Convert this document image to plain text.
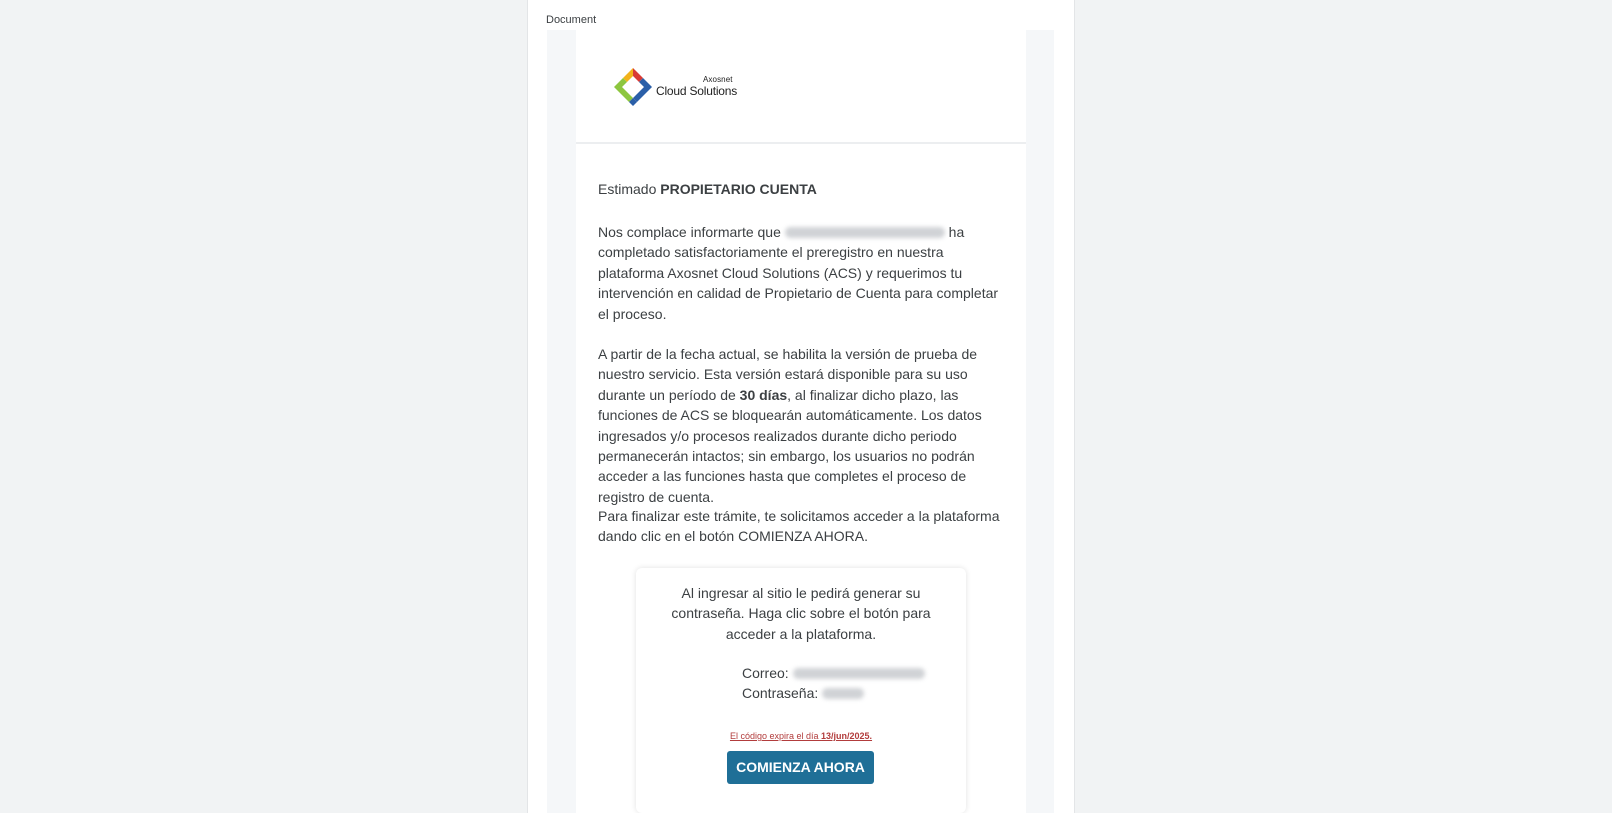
Document
Axosnet
Cloud Solutions
Estimado PROPIETARIO CUENTA
Nos complace informarte que	ha completado satisfactoriamente el preregistro en nuestra plataforma Axosnet Cloud Solutions (ACS) y requerimos tu intervención en calidad de Propietario de Cuenta para completar el proceso.
A partir de la fecha actual, se habilita la versión de prueba de nuestro servicio. Esta versión estará disponible para su uso durante un período de 30 días, al finalizar dicho plazo, las funciones de ACS se bloquearán automáticamente. Los datos ingresados y/o procesos realizados durante dicho periodo permanecerán intactos; sin embargo, los usuarios no podrán acceder a las funciones hasta que completes el proceso de registro de cuenta.
Para finalizar este trámite, te solicitamos acceder a la plataforma dando clic en el botón COMIENZA AHORA.
Al ingresar al sitio le pedirá generar su contraseña. Haga clic sobre el botón para acceder a la plataforma.
Correo:
Contraseña:
El código expira el día 13/jun/2025.
COMIENZA AHORA
